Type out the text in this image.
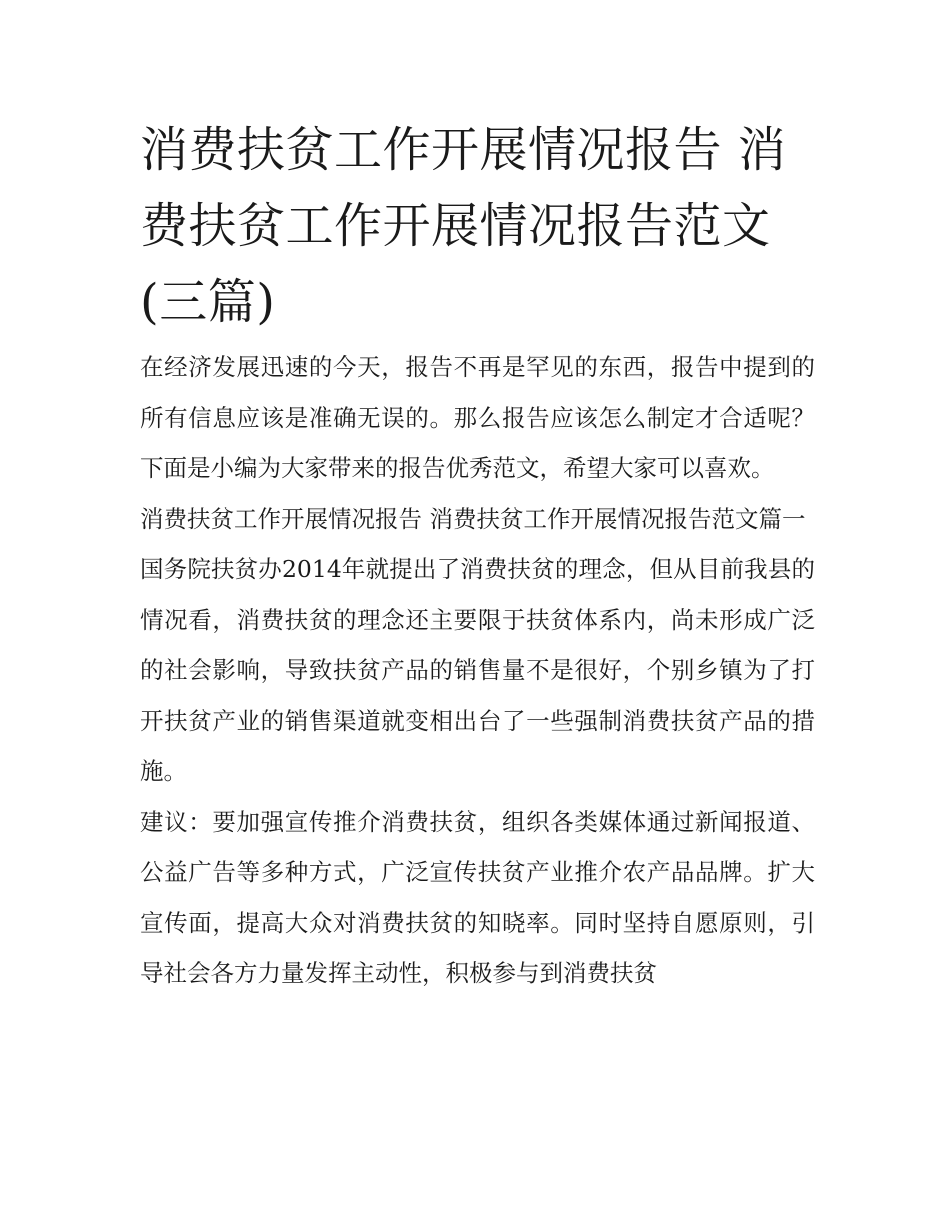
消费扶贫工作开展情况报告 消费扶贫工作开展情况报告范文(三篇)

在经济发展迅速的今天，报告不再是罕见的东西，报告中提到的所有信息应该是准确无误的。那么报告应该怎么制定才合适呢？下面是小编为大家带来的报告优秀范文，希望大家可以喜欢。

消费扶贫工作开展情况报告 消费扶贫工作开展情况报告范文篇一

国务院扶贫办2014年就提出了消费扶贫的理念，但从目前我县的情况看，消费扶贫的理念还主要限于扶贫体系内，尚未形成广泛的社会影响，导致扶贫产品的销售量不是很好，个别乡镇为了打开扶贫产业的销售渠道就变相出台了一些强制消费扶贫产品的措施。

建议：要加强宣传推介消费扶贫，组织各类媒体通过新闻报道、公益广告等多种方式，广泛宣传扶贫产业推介农产品品牌。扩大宣传面，提高大众对消费扶贫的知晓率。同时坚持自愿原则，引导社会各方力量发挥主动性，积极参与到消费扶贫
